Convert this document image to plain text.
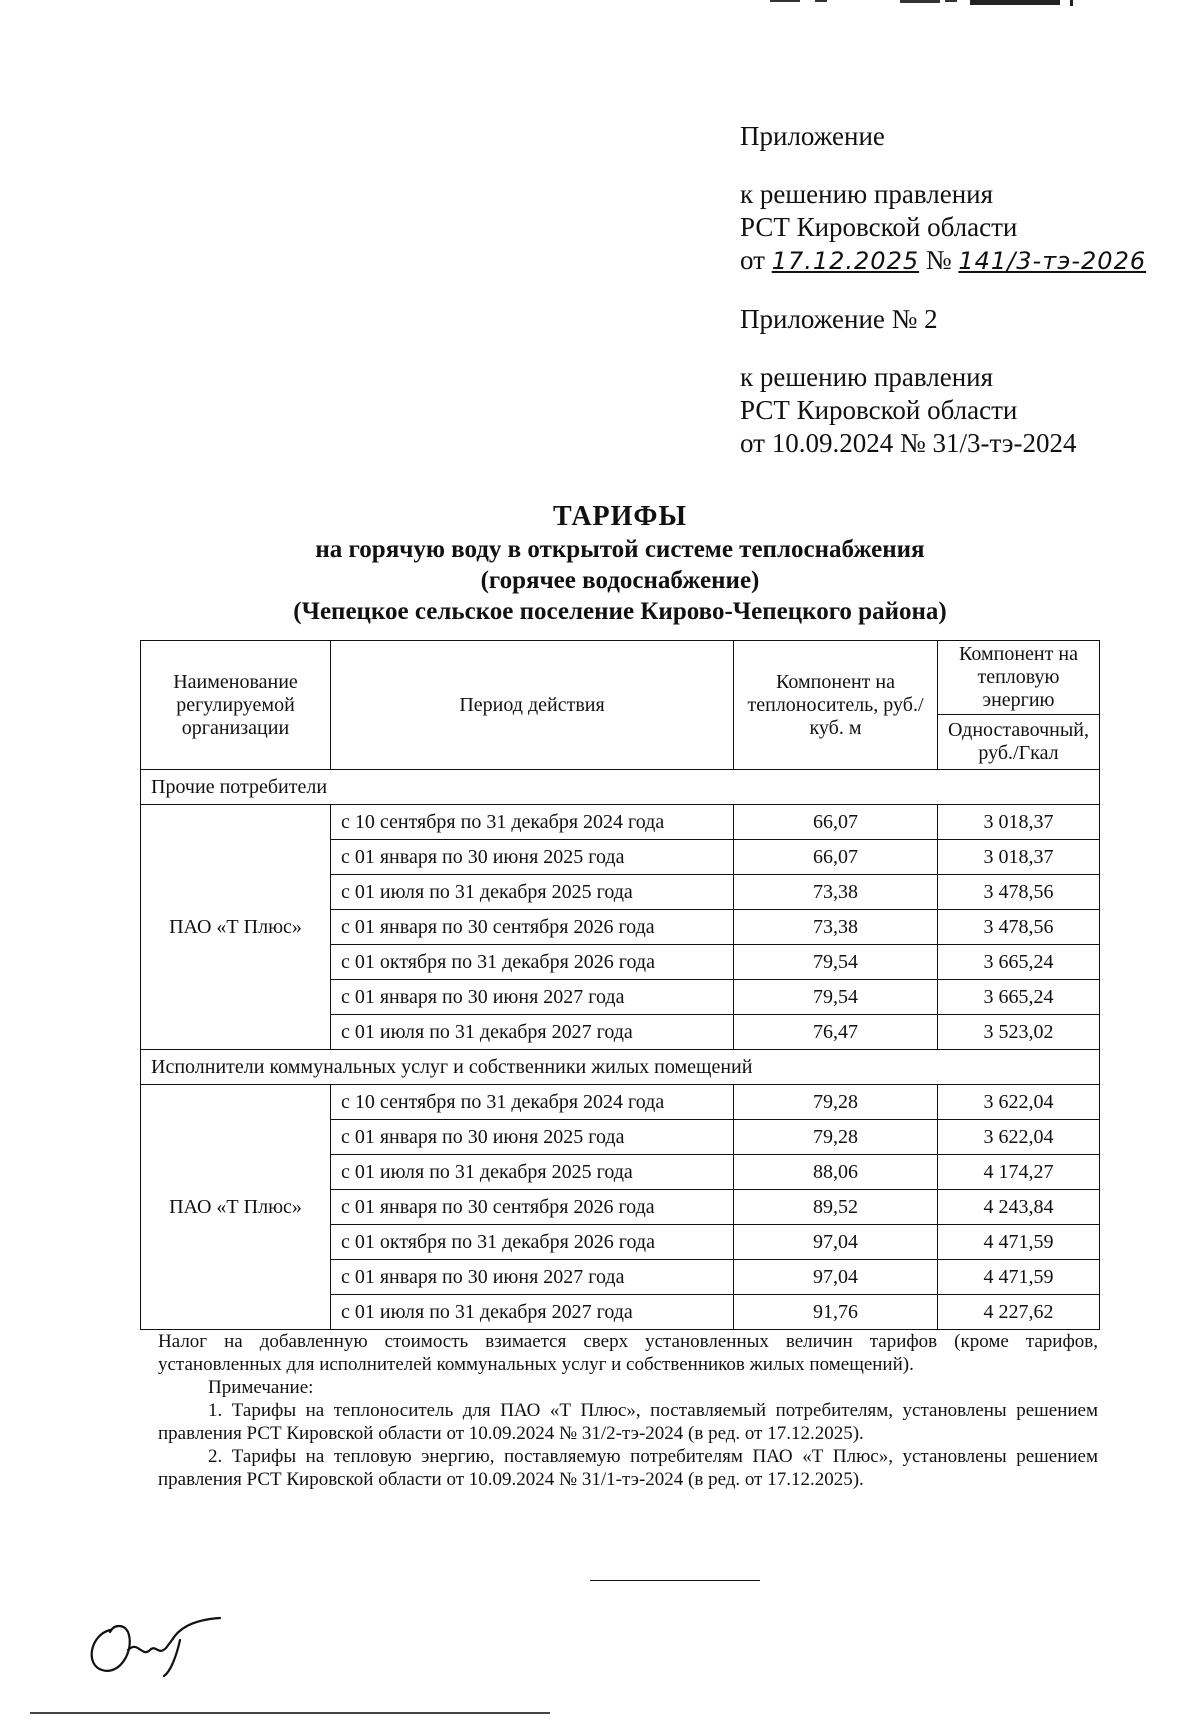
Приложение
к решению правления
РСТ Кировской области
от 17.12.2025 № 141/3-тэ-2026
Приложение № 2
к решению правления
РСТ Кировской области
от 10.09.2024 № 31/3-тэ-2024
ТАРИФЫ
на горячую воду в открытой системе теплоснабжения
(горячее водоснабжение)
(Чепецкое сельское поселение Кирово-Чепецкого района)
Наименование регулируемой организации	Период действия	Компонент на теплоноситель, руб./куб. м	Компонент на тепловую энергию
			Одноставочный, руб./Гкал
Прочие потребители			
ПАО «Т Плюс»	с 10 сентября по 31 декабря 2024 года	66,07	3 018,37
	с 01 января по 30 июня 2025 года	66,07	3 018,37
	с 01 июля по 31 декабря 2025 года	73,38	3 478,56
	с 01 января по 30 сентября 2026 года	73,38	3 478,56
	с 01 октября по 31 декабря 2026 года	79,54	3 665,24
	с 01 января по 30 июня 2027 года	79,54	3 665,24
	с 01 июля по 31 декабря 2027 года	76,47	3 523,02
Исполнители коммунальных услуг и собственники жилых помещений			
ПАО «Т Плюс»	с 10 сентября по 31 декабря 2024 года	79,28	3 622,04
	с 01 января по 30 июня 2025 года	79,28	3 622,04
	с 01 июля по 31 декабря 2025 года	88,06	4 174,27
	с 01 января по 30 сентября 2026 года	89,52	4 243,84
	с 01 октября по 31 декабря 2026 года	97,04	4 471,59
	с 01 января по 30 июня 2027 года	97,04	4 471,59
	с 01 июля по 31 декабря 2027 года	91,76	4 227,62

Налог на добавленную стоимость взимается сверх установленных величин тарифов (кроме тарифов, установленных для исполнителей коммунальных услуг и собственников жилых помещений).

Примечание:

1. Тарифы на теплоноситель для ПАО «Т Плюс», поставляемый потребителям, установлены решением правления РСТ Кировской области от 10.09.2024 № 31/2-тэ-2024 (в ред. от 17.12.2025).

2. Тарифы на тепловую энергию, поставляемую потребителям ПАО «Т Плюс», установлены решением правления РСТ Кировской области от 10.09.2024 № 31/1-тэ-2024 (в ред. от 17.12.2025).
